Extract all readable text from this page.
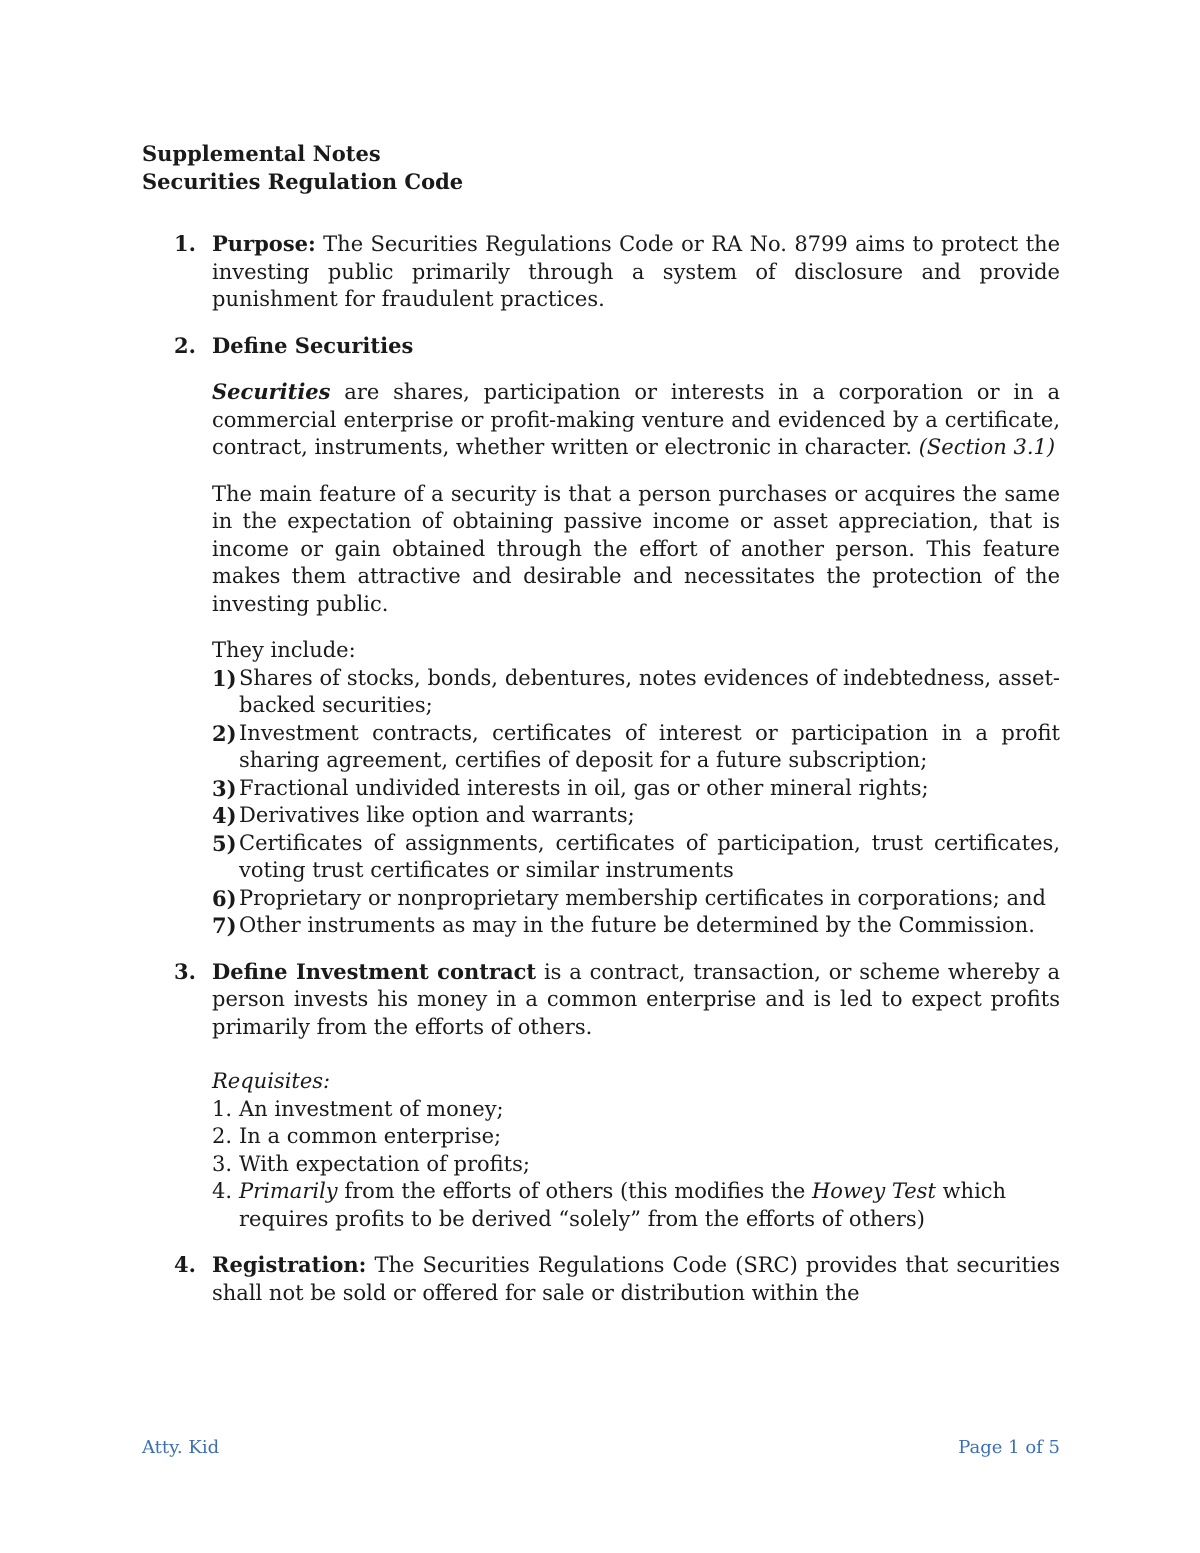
Supplemental Notes
Securities Regulation Code
1. Purpose: The Securities Regulations Code or RA No. 8799 aims to protect the investing public primarily through a system of disclosure and provide punishment for fraudulent practices.

2. Define Securities

Securities are shares, participation or interests in a corporation or in a commercial enterprise or profit-making venture and evidenced by a certificate, contract, instruments, whether written or electronic in character. (Section 3.1)

The main feature of a security is that a person purchases or acquires the same in the expectation of obtaining passive income or asset appreciation, that is income or gain obtained through the effort of another person. This feature makes them attractive and desirable and necessitates the protection of the investing public.

They include:

1) Shares of stocks, bonds, debentures, notes evidences of indebtedness, asset-backed securities;
2) Investment contracts, certificates of interest or participation in a profit sharing agreement, certifies of deposit for a future subscription;
3) Fractional undivided interests in oil, gas or other mineral rights;
4) Derivatives like option and warrants;
5) Certificates of assignments, certificates of participation, trust certificates, voting trust certificates or similar instruments
6) Proprietary or nonproprietary membership certificates in corporations; and
7) Other instruments as may in the future be determined by the Commission.
3. Define Investment contract is a contract, transaction, or scheme whereby a person invests his money in a common enterprise and is led to expect profits primarily from the efforts of others.

Requisites:

1. An investment of money;
2. In a common enterprise;
3. With expectation of profits;
4. Primarily from the efforts of others (this modifies the Howey Test which requires profits to be derived “solely” from the efforts of others)
4. Registration: The Securities Regulations Code (SRC) provides that securities shall not be sold or offered for sale or distribution within the

Atty. Kid	Page 1 of 5
